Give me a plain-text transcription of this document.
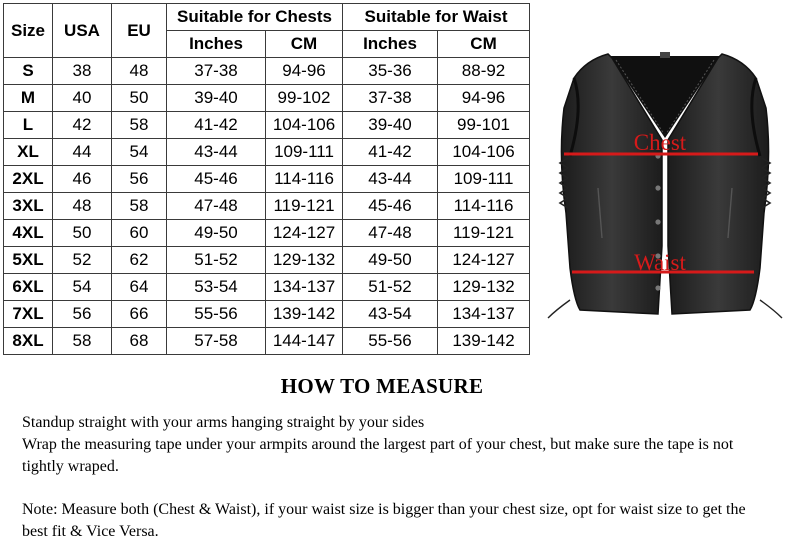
Size	USA	EU	Suitable for Chests		Suitable for Waist	
			Inches	CM	Inches	CM
S	38	48	37-38	94-96	35-36	88-92
M	40	50	39-40	99-102	37-38	94-96
L	42	58	41-42	104-106	39-40	99-101
XL	44	54	43-44	109-111	41-42	104-106
2XL	46	56	45-46	114-116	43-44	109-111
3XL	48	58	47-48	119-121	45-46	114-116
4XL	50	60	49-50	124-127	47-48	119-121
5XL	52	62	51-52	129-132	49-50	124-127
6XL	54	64	53-54	134-137	51-52	129-132
7XL	56	66	55-56	139-142	43-54	134-137
8XL	58	68	57-58	144-147	55-56	139-142
Chest
Waist
HOW TO MEASURE
Standup straight with your arms hanging straight by your sides
Wrap the measuring tape under your armpits around the largest part of your chest, but make sure the tape is not tightly wraped.
Note: Measure both (Chest & Waist), if your waist size is bigger than your chest size, opt for waist size to get the best fit & Vice Versa.
